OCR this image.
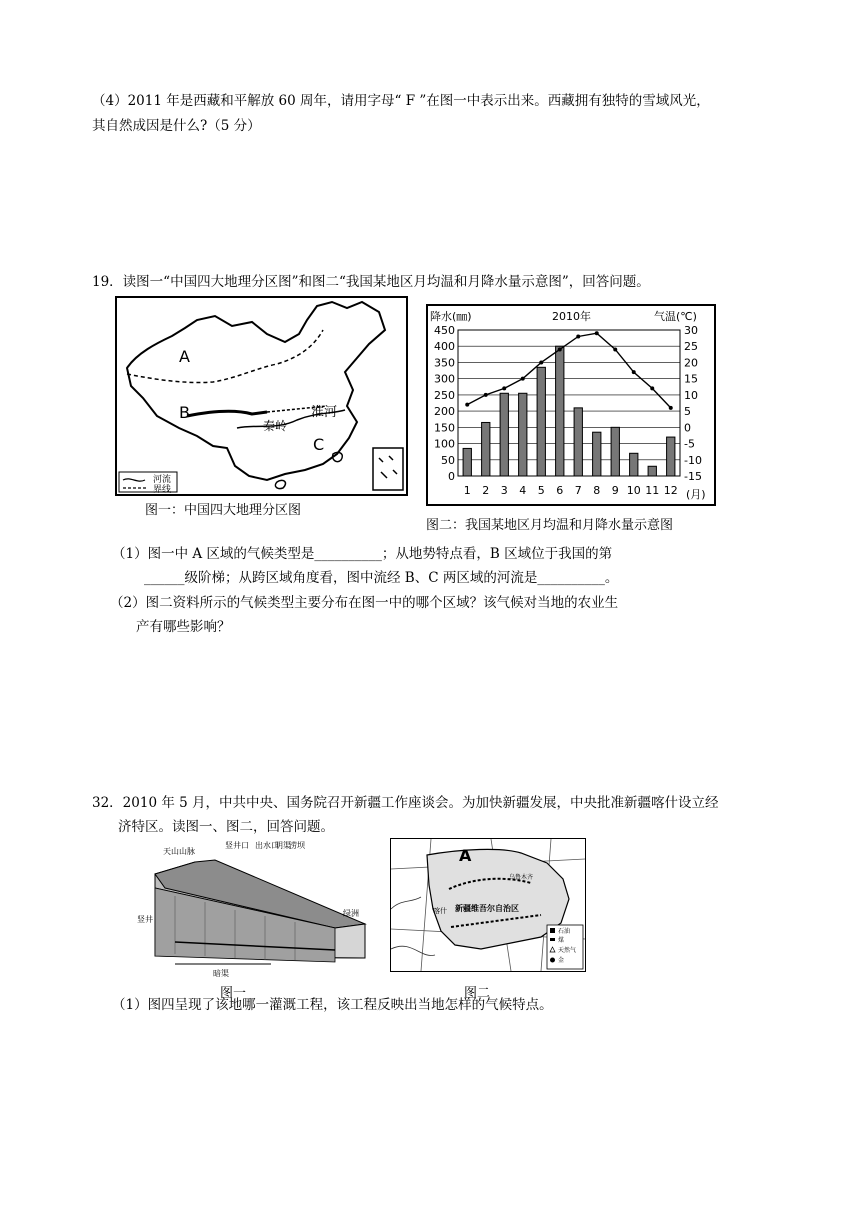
（4）2011 年是西藏和平解放 60 周年，请用字母“ F ”在图一中表示出来。西藏拥有独特的雪域风光，
其自然成因是什么?（5 分）
19．读图一“中国四大地理分区图”和图二“我国某地区月均温和月降水量示意图”，回答问题。
A
B
C
淮河
秦岭
河流
界线
图一：中国四大地理分区图
0
50
100
150
200
250
300
350
400
450	30
25
20
15
10
5
0
-5
-10
-15
1 2 3 4 5 6 7 8 9 10 11 12
降水(㎜)	2010年	气温(℃)
(月)
图二：我国某地区月均温和月降水量示意图
（1）图一中 A 区域的气候类型是__________；从地势特点看，B 区域位于我国的第
______级阶梯；从跨区域角度看，图中流经 B、C 两区域的河流是__________。
（2）图二资料所示的气候类型主要分布在图一中的哪个区域？该气候对当地的农业生
产有哪些影响？
32．2010 年 5 月，中共中央、国务院召开新疆工作座谈会。为加快新疆发展，中央批准新疆喀什设立经
济特区。读图一、图二，回答问题。
天山山脉
竖井
竖井口 出水口
明渠
涝坝
绿洲
暗渠
图一
A
新疆维吾尔自治区
喀什
乌鲁木齐
石油
煤
天然气
金
图二
（1）图四呈现了该地哪一灌溉工程，该工程反映出当地怎样的气候特点。
